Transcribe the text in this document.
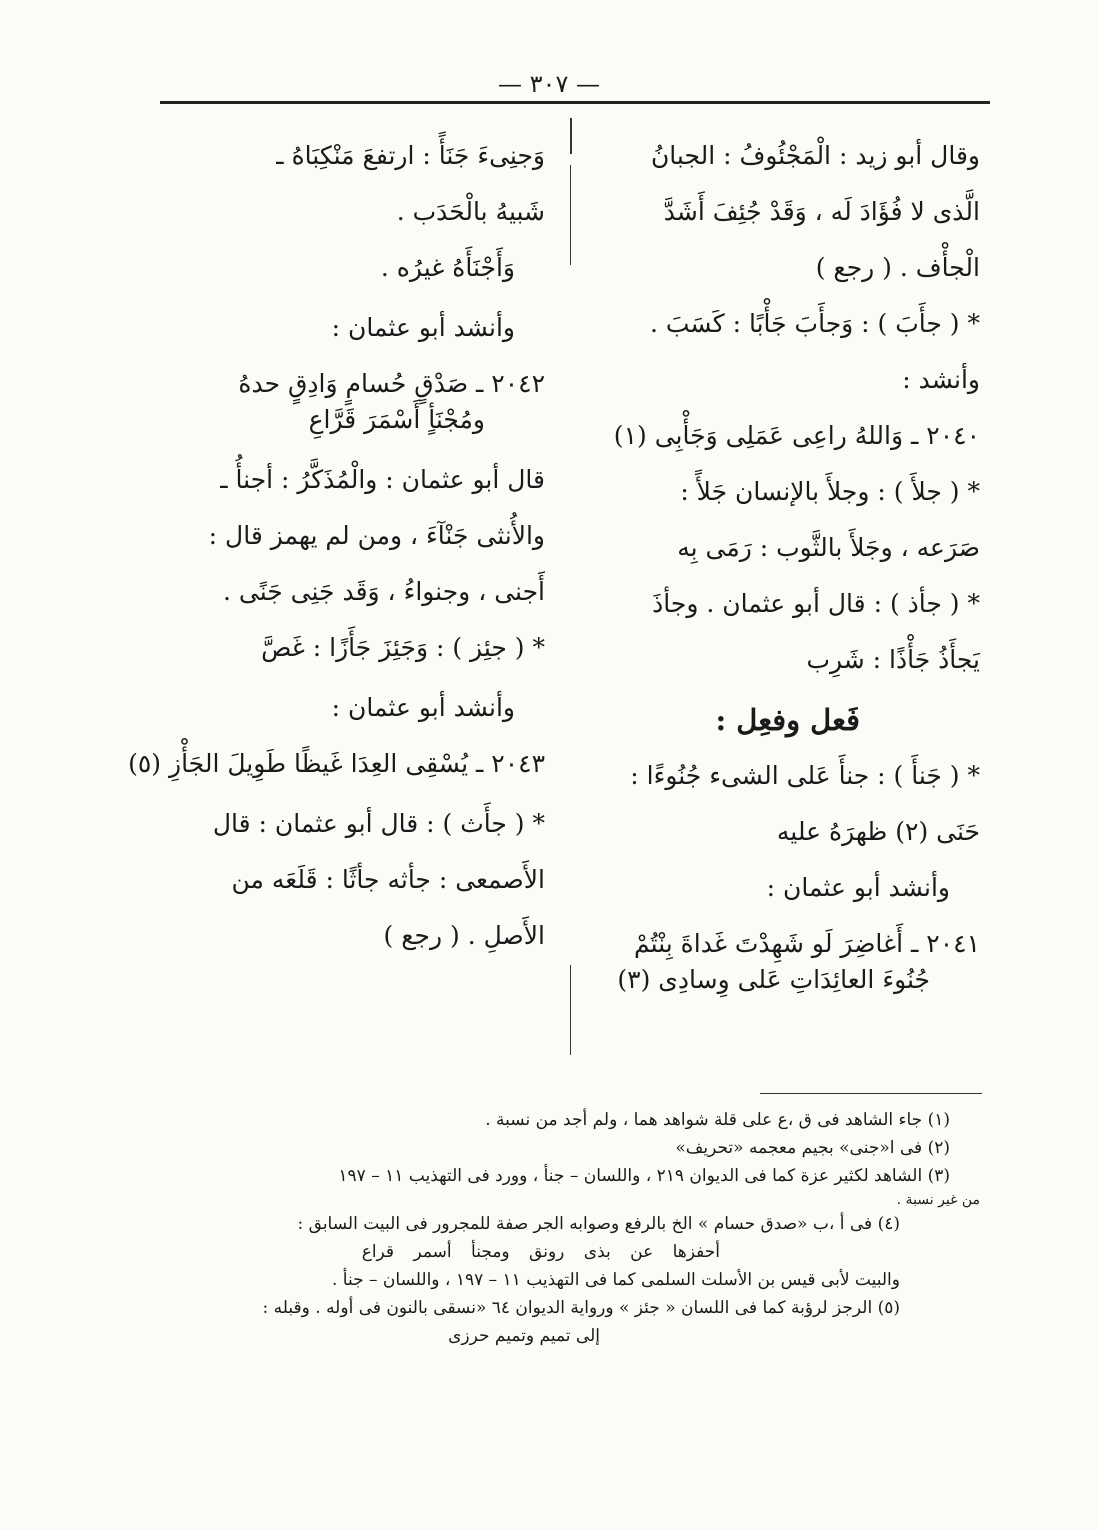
— ٣٠٧ —
وقال أبو زيد : الْمَجْئُوفُ : الجبانُ
الَّذى لا فُؤَادَ لَه ، وَقَدْ جُئِفَ أَشَدَّ
الْجأْف . ( رجع )
* ( جأَبَ ) : وَجأَبَ جَأْبًا : كَسَبَ .
وأنشد :
٢٠٤٠ ـ وَاللهُ راعِى عَمَلِى وَجَأْبِى (١)
* ( جلأَ ) : وجلأَ بالإنسان جَلأً :
صَرَعه ، وجَلأَ بالثَّوب : رَمَى بِه
* ( جأذ ) : قال أبو عثمان . وجأذَ
يَجأَذُ جَأْذًا : شَرِب
فَعل وفعِل :
* ( جَنأَ ) : جنأَ عَلى الشىء جُنُوءًا :
حَنَى (٢) ظهرَهُ عليه
وأنشد أبو عثمان :
٢٠٤١ ـ أَغاضِرَ لَو شَهِدْتَ غَداةَ بِنْتُمْ
جُنُوءَ العائِدَاتِ عَلى وِسادِى (٣)
وَجنِىءَ جَنَأً : ارتفعَ مَنْكِبَاهُ ـ
شَبيهُ بالْحَدَب .
وَأَجْنَأَهُ غيرُه .
وأنشد أبو عثمان :
٢٠٤٢ ـ صَدْقٍ حُسامٍ وَادِقٍ حدهُ
ومُجْنَأٍ أَسْمَرَ قَرَّاعِ
قال أبو عثمان : والْمُذَكَّرُ : أجنأُ ـ
والأُنثى جَنْآءَ ، ومن لم يهمز قال :
أَجنى ، وجنواءُ ، وَقَد جَنِى جَنًى .
* ( جئِز ) : وَجَئِزَ جَأَزًا : غَصَّ
وأنشد أبو عثمان :
٢٠٤٣ ـ يُسْقِى العِدَا غَيظًا طَوِيلَ الجَأْزِ (٥)
* ( جأَث ) : قال أبو عثمان : قال
الأَصمعى : جأثه جأثًا : قَلَعَه من
الأَصلِ . ( رجع )
(١) جاء الشاهد فى ق ،ع على قلة شواهد هما ، ولم أجد من نسبة .
(٢) فى ا«جنى» بجيم معجمه «تحريف»
(٣) الشاهد لكثير عزة كما فى الديوان ٢١٩ ، واللسان – جنأ ، وورد فى التهذيب ١١ – ١٩٧
من غير نسبة .
(٤) فى أ ،ب «صدق حسام » الخ بالرفع وصوابه الجر صفة للمجرور فى البيت السابق :
أحفزها عن بذى رونق ومجنأ أسمر قراع
والبيت لأبى قيس بن الأسلت السلمى كما فى التهذيب ١١ – ١٩٧ ، واللسان – جنأ .
(٥) الرجز لرؤبة كما فى اللسان « جئز » ورواية الديوان ٦٤ «نسقى بالنون فى أوله . وقبله :
إلى تميم وتميم حرزى
